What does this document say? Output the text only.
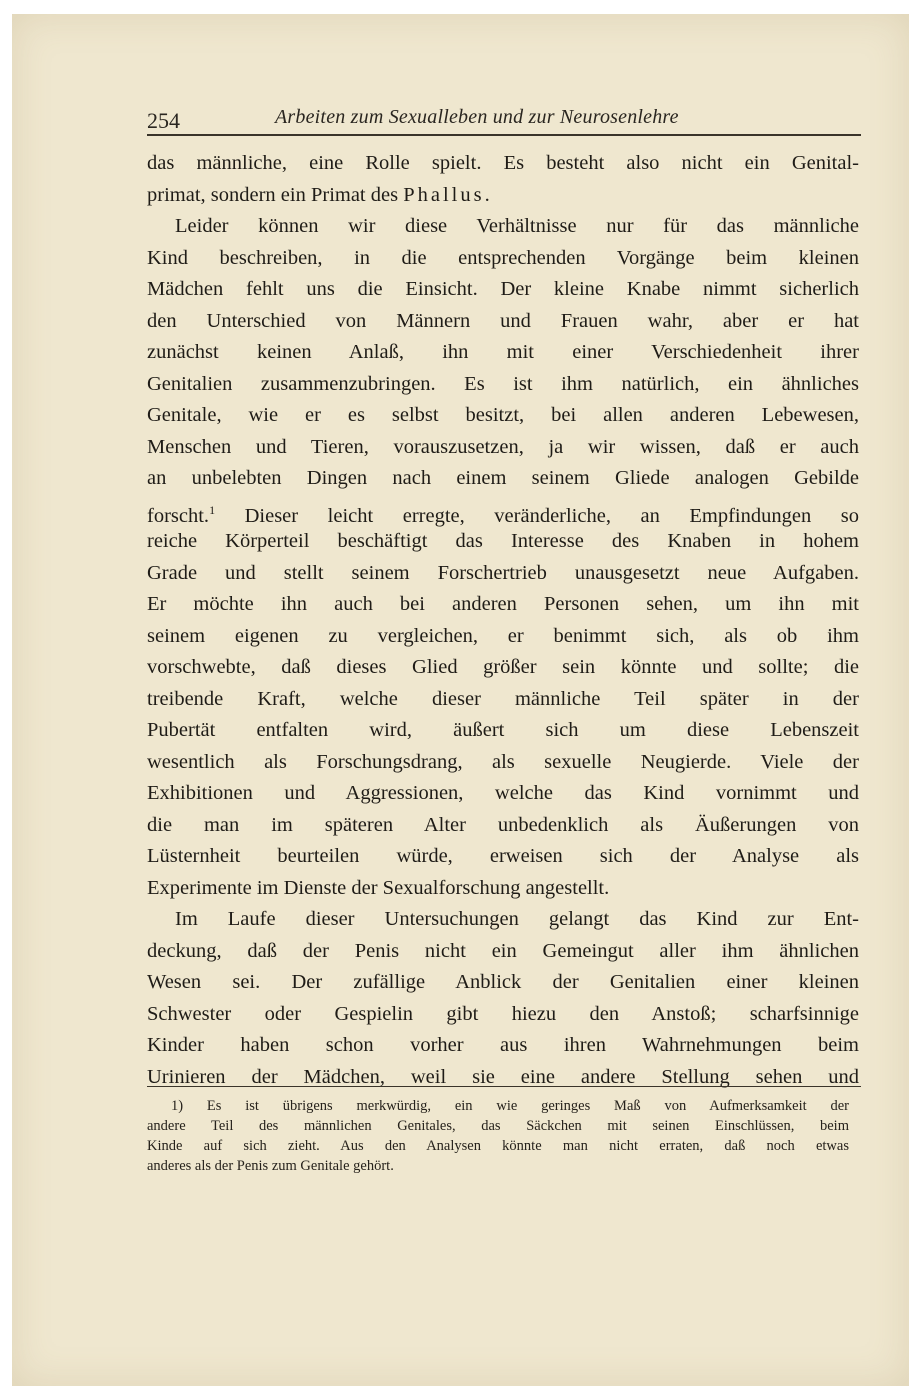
254	Arbeiten zum Sexualleben und zur Neurosenlehre
das männliche, eine Rolle spielt. Es besteht also nicht ein Genital-
primat, sondern ein Primat des Phallus.
Leider können wir diese Verhältnisse nur für das männliche
Kind beschreiben, in die entsprechenden Vorgänge beim kleinen
Mädchen fehlt uns die Einsicht. Der kleine Knabe nimmt sicherlich
den Unterschied von Männern und Frauen wahr, aber er hat
zunächst keinen Anlaß, ihn mit einer Verschiedenheit ihrer
Genitalien zusammenzubringen. Es ist ihm natürlich, ein ähnliches
Genitale, wie er es selbst besitzt, bei allen anderen Lebewesen,
Menschen und Tieren, vorauszusetzen, ja wir wissen, daß er auch
an unbelebten Dingen nach einem seinem Gliede analogen Gebilde
forscht.$^1$ Dieser leicht erregte, veränderliche, an Empfindungen so
reiche Körperteil beschäftigt das Interesse des Knaben in hohem
Grade und stellt seinem Forschertrieb unausgesetzt neue Aufgaben.
Er möchte ihn auch bei anderen Personen sehen, um ihn mit
seinem eigenen zu vergleichen, er benimmt sich, als ob ihm
vorschwebte, daß dieses Glied größer sein könnte und sollte; die
treibende Kraft, welche dieser männliche Teil später in der
Pubertät entfalten wird, äußert sich um diese Lebenszeit
wesentlich als Forschungsdrang, als sexuelle Neugierde. Viele der
Exhibitionen und Aggressionen, welche das Kind vornimmt und
die man im späteren Alter unbedenklich als Äußerungen von
Lüsternheit beurteilen würde, erweisen sich der Analyse als
Experimente im Dienste der Sexualforschung angestellt.
Im Laufe dieser Untersuchungen gelangt das Kind zur Ent-
deckung, daß der Penis nicht ein Gemeingut aller ihm ähnlichen
Wesen sei. Der zufällige Anblick der Genitalien einer kleinen
Schwester oder Gespielin gibt hiezu den Anstoß; scharfsinnige
Kinder haben schon vorher aus ihren Wahrnehmungen beim
Urinieren der Mädchen, weil sie eine andere Stellung sehen und
1) Es ist übrigens merkwürdig, ein wie geringes Maß von Aufmerksamkeit der
andere Teil des männlichen Genitales, das Säckchen mit seinen Einschlüssen, beim
Kinde auf sich zieht. Aus den Analysen könnte man nicht erraten, daß noch etwas
anderes als der Penis zum Genitale gehört.
